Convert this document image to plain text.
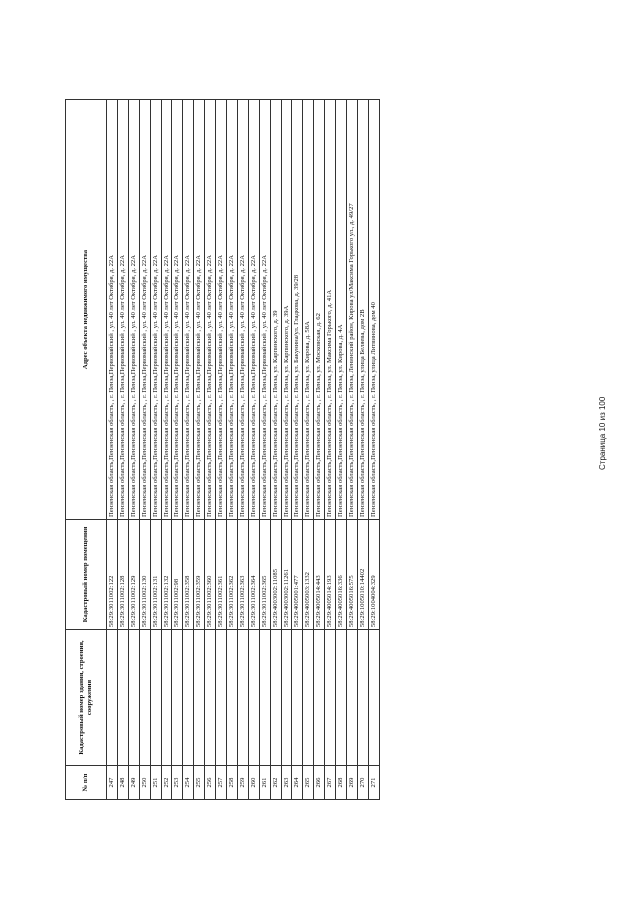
№ п/п	Кадастровый номер здания, строения, сооружения	Кадастровый номер помещения	Адрес объекта недвижимого имущества
247		58:29:3011002:122	Пензенская область,Пензенская область, , г. Пенза,Первомайский , ул. 40 лет Октября, д. 22А
248		58:29:3011002:128	Пензенская область,Пензенская область, , г. Пенза,Первомайский , ул. 40 лет Октября, д. 22А
249		58:29:3011002:129	Пензенская область,Пензенская область, , г. Пенза,Первомайский , ул. 40 лет Октября, д. 22А
250		58:29:3011002:130	Пензенская область,Пензенская область, , г. Пенза,Первомайский , ул. 40 лет Октября, д. 22А
251		58:29:3011002:131	Пензенская область,Пензенская область, , г. Пенза,Первомайский , ул. 40 лет Октября, д. 22А
252		58:29:3011002:132	Пензенская область,Пензенская область, , г. Пенза,Первомайский , ул. 40 лет Октября, д. 22А
253		58:29:3011002:98	Пензенская область,Пензенская область, , г. Пенза,Первомайский , ул. 40 лет Октября, д. 22А
254		58:29:3011002:358	Пензенская область,Пензенская область, , г. Пенза,Первомайский , ул. 40 лет Октября, д. 22А
255		58:29:3011002:359	Пензенская область,Пензенская область, , г. Пенза,Первомайский , ул. 40 лет Октября, д. 22А
256		58:29:3011002:360	Пензенская область,Пензенская область, , г. Пенза,Первомайский , ул. 40 лет Октября, д. 22А
257		58:29:3011002:361	Пензенская область,Пензенская область, , г. Пенза,Первомайский , ул. 40 лет Октября, д. 22А
258		58:29:3011002:362	Пензенская область,Пензенская область, , г. Пенза,Первомайский , ул. 40 лет Октября, д. 22А
259		58:29:3011002:363	Пензенская область,Пензенская область, , г. Пенза,Первомайский , ул. 40 лет Октября, д. 22А
260		58:29:3011002:364	Пензенская область,Пензенская область, , г. Пенза,Первомайский , ул. 40 лет Октября, д. 22А
261		58:29:3011002:365	Пензенская область,Пензенская область, , г. Пенза,Первомайский , ул. 40 лет Октября, д. 22А
262		58:29:4003002:11085	Пензенская область,Пензенская область, , г. Пенза, ул. Карпинского, д. 39
263		58:29:4003002:11261	Пензенская область,Пензенская область, , г. Пенза, ул. Карпинского, д. 39А
264		58:29:4005001:477	Пензенская область,Пензенская область, , г. Пенза, ул. Бакунина/ул. Гладкова, д. 39/28
265		58:29:4005003:1332	Пензенская область,Пензенская область, , г. Пенза, ул. Кирова, д. 58А
266		58:29:4005014:443	Пензенская область,Пензенская область, , г. Пенза, ул. Московская, д. 62
267		58:29:4005014:193	Пензенская область,Пензенская область, , г. Пенза, ул. Максима Горького, д. 41А
268		58:29:4005016:336	Пензенская область,Пензенская область, , г. Пенза, ул. Кирова, д. 4А
269		58:29:4005016:575	Пензенская область,Пензенская область, , г. Пенза, Ленинский район, Кирова ул/Максима Горького ул., д. 49/27
270		58:29:1005010:14402	Пензенская область,Пензенская область, , г. Пенза, улица Беляева, дом 2В
271		58:29:1004004:329	Пензенская область,Пензенская область, , г. Пенза, улица Литвинова, дом 40	Страница 10 из 100
